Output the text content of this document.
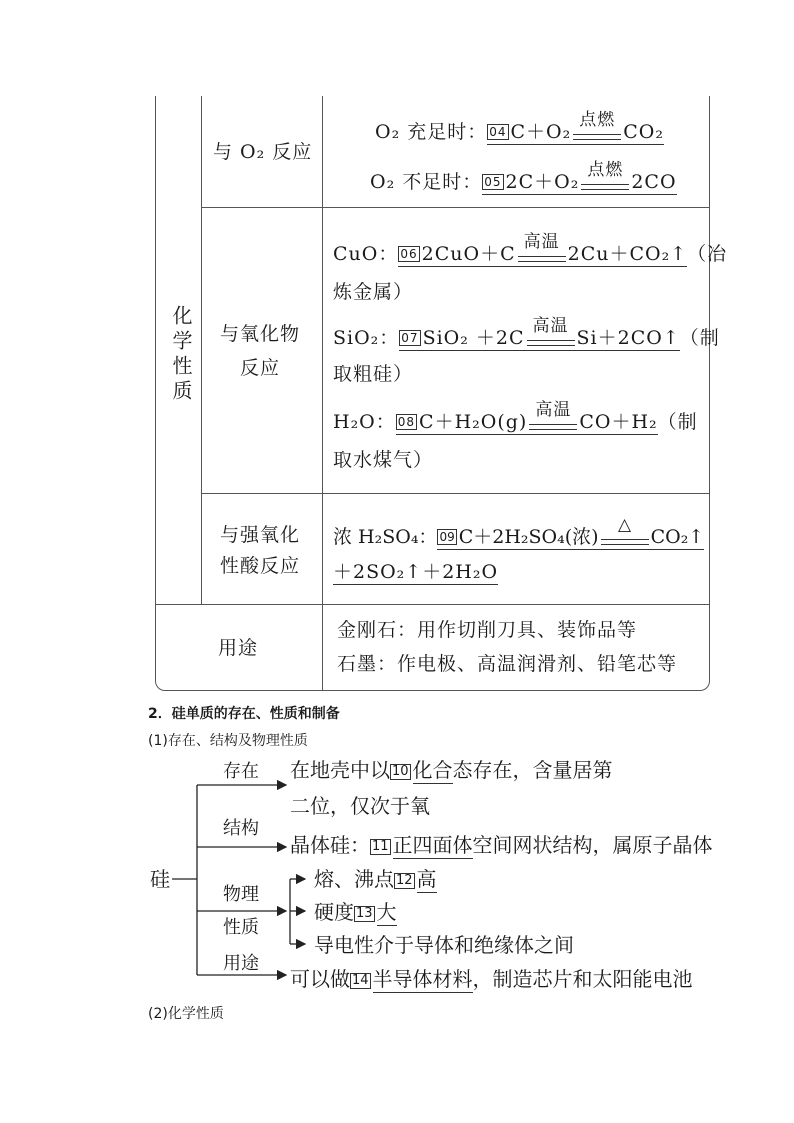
化学性质
与 O₂ 反应
O₂ 充足时： 04 C＋O₂
点燃
CO₂
O₂ 不足时： 05 2C＋O₂
点燃
2CO
与氧化物
反应
CuO： 06 2CuO＋C
高温
2Cu＋CO₂↑（冶
炼金属）
SiO₂： 07 SiO₂ ＋2C
高温
Si＋2CO↑（制
取粗硅）
H₂O： 08 C＋H₂O(g)
高温
CO＋H₂（制
取水煤气）
与强氧化
性酸反应
浓 H₂SO₄： 09 C＋2H₂SO₄(浓)
△
CO₂↑
＋2SO₂↑＋2H₂O
用途
金刚石：用作切削刀具、装饰品等
石墨：作电极、高温润滑剂、铅笔芯等
2．硅单质的存在、性质和制备
(1)存在、结构及物理性质
硅
存在 在地壳中以 10 化合态存在，含量居第
二位，仅次于氧
结构
晶体硅： 11 正四面体空间网状结构，属原子晶体
物理
性质
熔、沸点 12 高
硬度 13 大
导电性介于导体和绝缘体之间
用途
可以做 14 半导体材料，制造芯片和太阳能电池
(2)化学性质
